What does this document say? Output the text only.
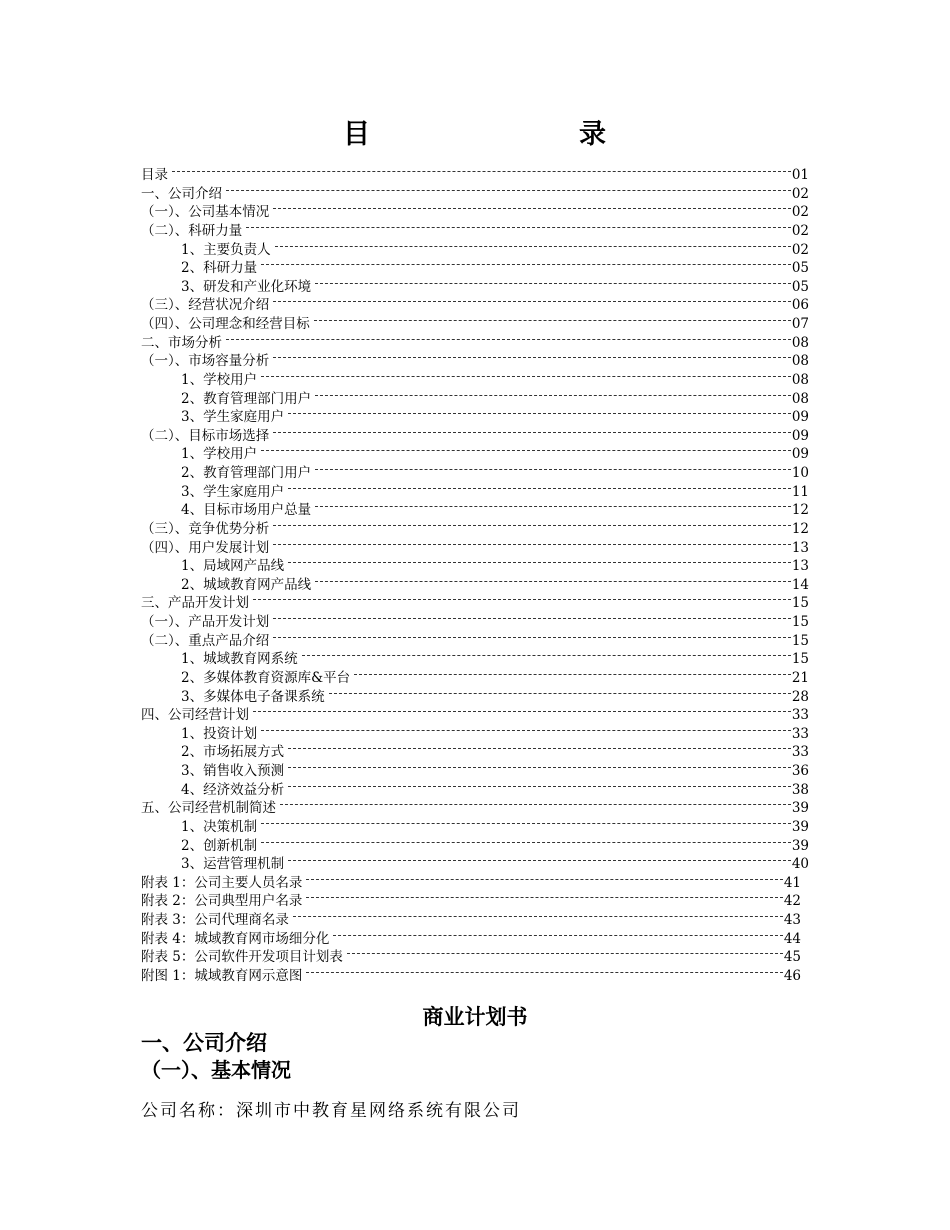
目	录
目录	01
一、公司介绍	02
（一）、公司基本情况	02
（二）、科研力量	02
1、主要负责人	02
2、科研力量	05
3、研发和产业化环境	05
（三）、经营状况介绍	06
（四）、公司理念和经营目标	07
二、市场分析	08
（一）、市场容量分析	08
1、学校用户	08
2、教育管理部门用户	08
3、学生家庭用户	09
（二）、目标市场选择	09
1、学校用户	09
2、教育管理部门用户	10
3、学生家庭用户	11
4、目标市场用户总量	12
（三）、竞争优势分析	12
（四）、用户发展计划	13
1、局域网产品线	13
2、城域教育网产品线	14
三、产品开发计划	15
（一）、产品开发计划	15
（二）、重点产品介绍	15
1、城域教育网系统	15
2、多媒体教育资源库&平台	21
3、多媒体电子备课系统	28
四、公司经营计划	33
1、投资计划	33
2、市场拓展方式	33
3、销售收入预测	36
4、经济效益分析	38
五、公司经营机制简述	39
1、决策机制	39
2、创新机制	39
3、运营管理机制	40
附表 1：公司主要人员名录	41
附表 2：公司典型用户名录	42
附表 3：公司代理商名录	43
附表 4：城域教育网市场细分化	44
附表 5：公司软件开发项目计划表	45
附图 1：城域教育网示意图	46
商业计划书
一、公司介绍
（一）、基本情况
公司名称：深圳市中教育星网络系统有限公司
